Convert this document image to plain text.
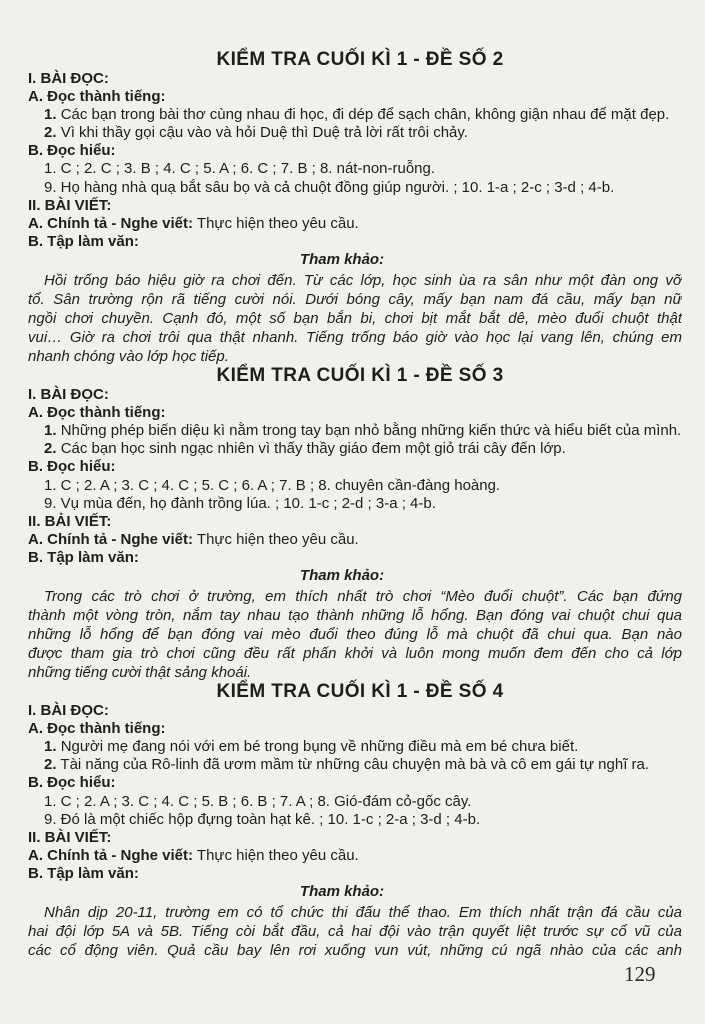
KIỂM TRA CUỐI KÌ 1 - ĐỀ SỐ 2
I. BÀI ĐỌC:
A. Đọc thành tiếng:
1. Các bạn trong bài thơ cùng nhau đi học, đi dép để sạch chân, không giận nhau để mặt đẹp.
2. Vì khi thầy gọi cậu vào và hỏi Duệ thì Duệ trả lời rất trôi chảy.
B. Đọc hiểu:
1. C ; 2. C ; 3. B ; 4. C ; 5. A ; 6. C ; 7. B ; 8. nát-non-ruỗng.
9. Họ hàng nhà quạ bắt sâu bọ và cả chuột đồng giúp người. ; 10. 1-a ; 2-c ; 3-d ; 4-b.
II. BÀI VIẾT:
A. Chính tả - Nghe viết: Thực hiện theo yêu cầu.
B. Tập làm văn:
Tham khảo:
Hồi trống báo hiệu giờ ra chơi đến. Từ các lớp, học sinh ùa ra sân như một đàn ong vỡ
tổ. Sân trường rộn rã tiếng cười nói. Dưới bóng cây, mấy bạn nam đá cầu, mấy bạn nữ
ngồi chơi chuyền. Cạnh đó, một số bạn bắn bi, chơi bịt mắt bắt dê, mèo đuổi chuột thật
vui… Giờ ra chơi trôi qua thật nhanh. Tiếng trống báo giờ vào học lại vang lên, chúng em
nhanh chóng vào lớp học tiếp.
KIỂM TRA CUỐI KÌ 1 - ĐỀ SỐ 3
I. BÀI ĐỌC:
A. Đọc thành tiếng:
1. Những phép biến diệu kì nằm trong tay bạn nhỏ bằng những kiến thức và hiểu biết của mình.
2. Các bạn học sinh ngạc nhiên vì thấy thầy giáo đem một giỏ trái cây đến lớp.
B. Đọc hiểu:
1. C ; 2. A ; 3. C ; 4. C ; 5. C ; 6. A ; 7. B ; 8. chuyên cần-đàng hoàng.
9. Vụ mùa đến, họ đành trồng lúa. ; 10. 1-c ; 2-d ; 3-a ; 4-b.
II. BẢI VIẾT:
A. Chính tả - Nghe viết: Thực hiện theo yêu cầu.
B. Tập làm văn:
Tham khảo:
Trong các trò chơi ở trường, em thích nhất trò chơi “Mèo đuổi chuột”. Các bạn đứng
thành một vòng tròn, nắm tay nhau tạo thành những lỗ hổng. Bạn đóng vai chuột chui qua
những lỗ hổng để bạn đóng vai mèo đuổi theo đúng lỗ mà chuột đã chui qua. Bạn nào
được tham gia trò chơi cũng đều rất phấn khởi và luôn mong muốn đem đến cho cả lớp
những tiếng cười thật sảng khoái.
KIỂM TRA CUỐI KÌ 1 - ĐỀ SỐ 4
I. BÀI ĐỌC:
A. Đọc thành tiếng:
1. Người mẹ đang nói với em bé trong bụng về những điều mà em bé chưa biết.
2. Tài năng của Rô-linh đã ươm mầm từ những câu chuyện mà bà và cô em gái tự nghĩ ra.
B. Đọc hiểu:
1. C ; 2. A ; 3. C ; 4. C ; 5. B ; 6. B ; 7. A ; 8. Gió-đám cỏ-gốc cây.
9. Đó là một chiếc hộp đựng toàn hạt kê. ; 10. 1-c ; 2-a ; 3-d ; 4-b.
II. BÀI VIẾT:
A. Chính tả - Nghe viết: Thực hiện theo yêu cầu.
B. Tập làm văn:
Tham khảo:
Nhân dịp 20-11, trường em có tổ chức thi đấu thể thao. Em thích nhất trận đá cầu của
hai đội lớp 5A và 5B. Tiếng còi bắt đầu, cả hai đội vào trận quyết liệt trước sự cổ vũ của
các cổ động viên. Quả cầu bay lên rơi xuống vun vút, những cú ngã nhào của các anh
129
